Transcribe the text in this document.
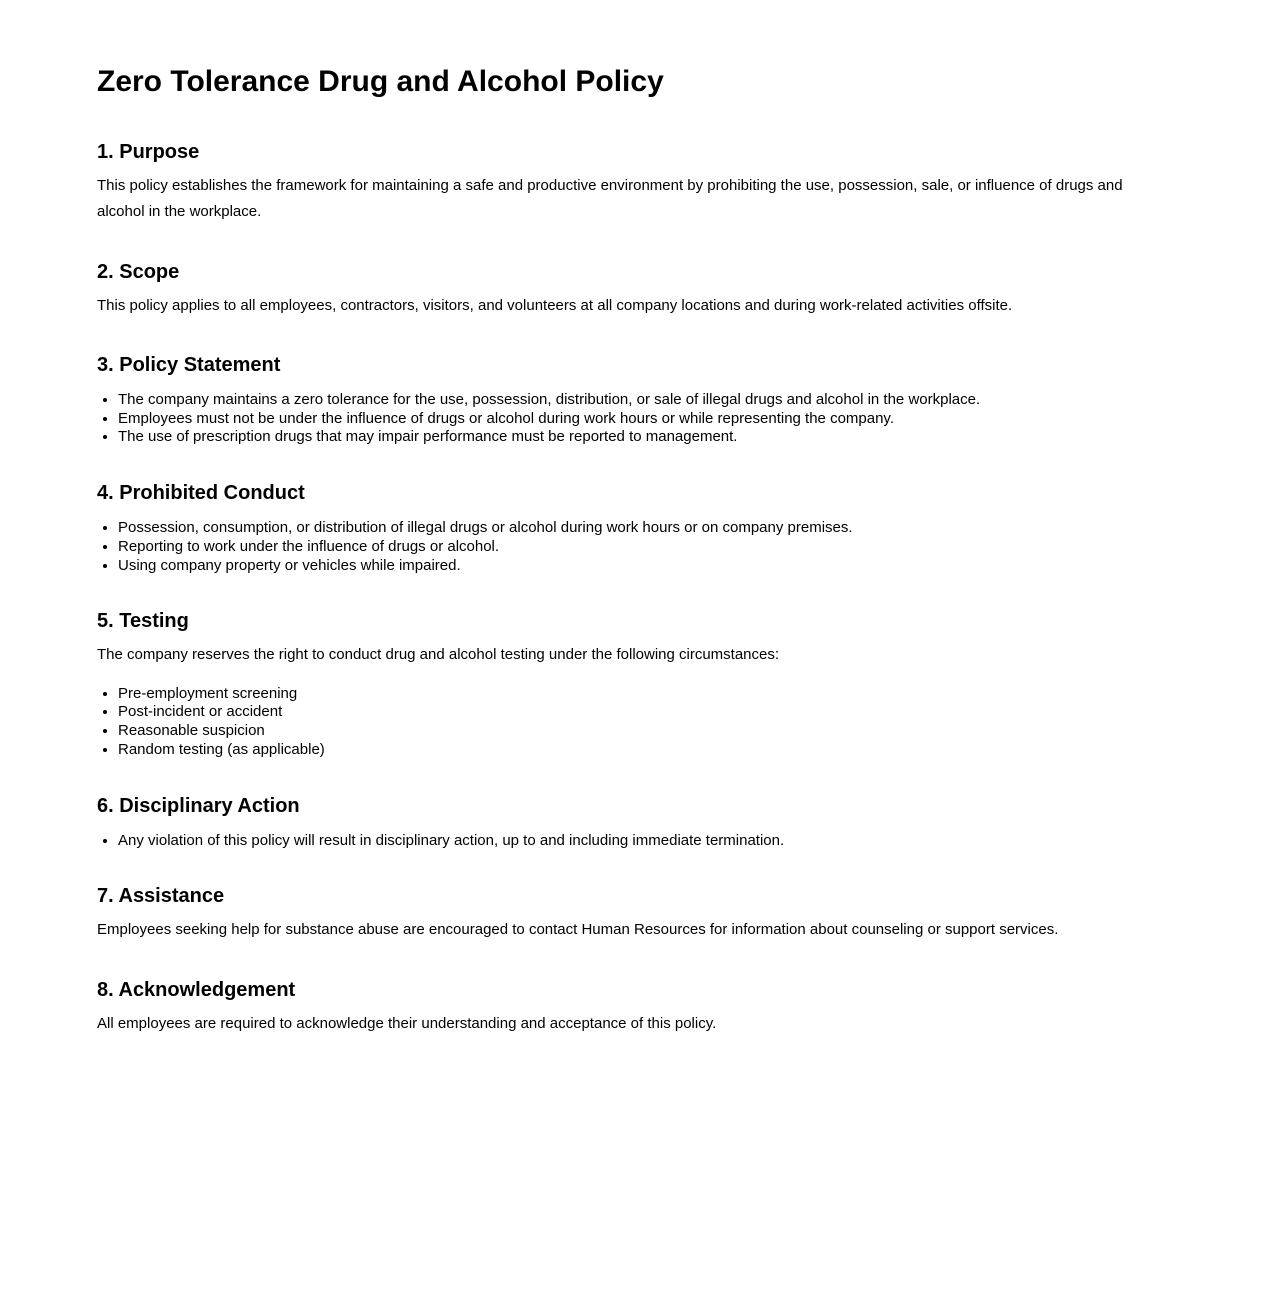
Zero Tolerance Drug and Alcohol Policy
1. Purpose

This policy establishes the framework for maintaining a safe and productive environment by prohibiting the use, possession, sale, or influence of drugs and alcohol in the workplace.

2. Scope

This policy applies to all employees, contractors, visitors, and volunteers at all company locations and during work-related activities offsite.

3. Policy Statement
• The company maintains a zero tolerance for the use, possession, distribution, or sale of illegal drugs and alcohol in the workplace.
• Employees must not be under the influence of drugs or alcohol during work hours or while representing the company.
• The use of prescription drugs that may impair performance must be reported to management.
4. Prohibited Conduct
• Possession, consumption, or distribution of illegal drugs or alcohol during work hours or on company premises.
• Reporting to work under the influence of drugs or alcohol.
• Using company property or vehicles while impaired.
5. Testing

The company reserves the right to conduct drug and alcohol testing under the following circumstances:

• Pre-employment screening
• Post-incident or accident
• Reasonable suspicion
• Random testing (as applicable)
6. Disciplinary Action
• Any violation of this policy will result in disciplinary action, up to and including immediate termination.
7. Assistance

Employees seeking help for substance abuse are encouraged to contact Human Resources for information about counseling or support services.

8. Acknowledgement

All employees are required to acknowledge their understanding and acceptance of this policy.
